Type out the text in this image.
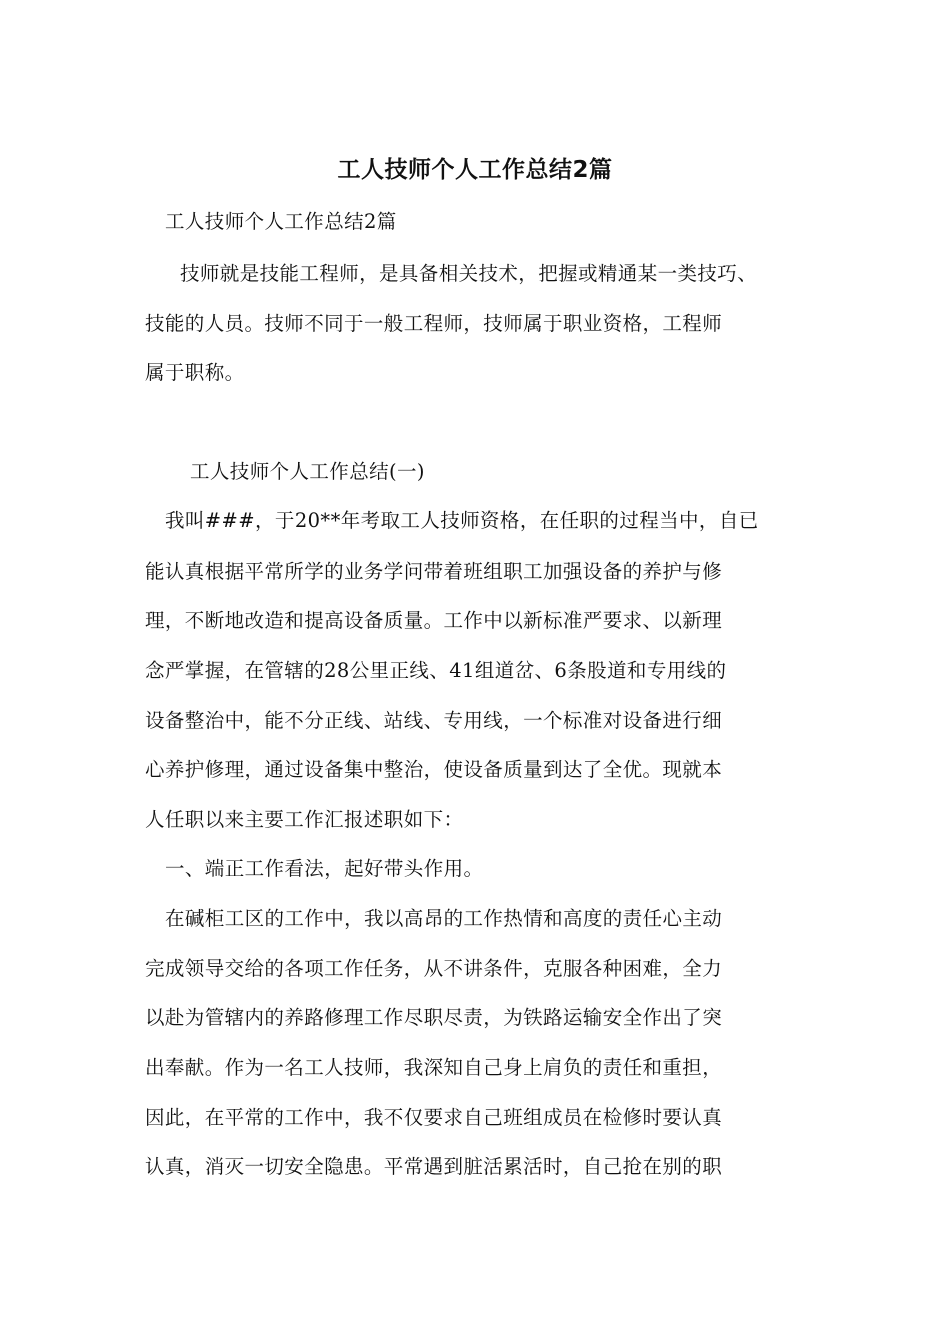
工人技师个人工作总结2篇
工人技师个人工作总结2篇
技师就是技能工程师，是具备相关技术，把握或精通某一类技巧、
技能的人员。技师不同于一般工程师，技师属于职业资格，工程师
属于职称。
工人技师个人工作总结(一)
我叫###，于20**年考取工人技师资格，在任职的过程当中，自已
能认真根据平常所学的业务学问带着班组职工加强设备的养护与修
理，不断地改造和提高设备质量。工作中以新标准严要求、以新理
念严掌握，在管辖的28公里正线、41组道岔、6条股道和专用线的
设备整治中，能不分正线、站线、专用线，一个标准对设备进行细
心养护修理，通过设备集中整治，使设备质量到达了全优。现就本
人任职以来主要工作汇报述职如下：
一、端正工作看法，起好带头作用。
在碱柜工区的工作中，我以高昂的工作热情和高度的责任心主动
完成领导交给的各项工作任务，从不讲条件，克服各种困难，全力
以赴为管辖内的养路修理工作尽职尽责，为铁路运输安全作出了突
出奉献。作为一名工人技师，我深知自己身上肩负的责任和重担，
因此，在平常的工作中，我不仅要求自己班组成员在检修时要认真
认真，消灭一切安全隐患。平常遇到脏活累活时，自己抢在别的职
